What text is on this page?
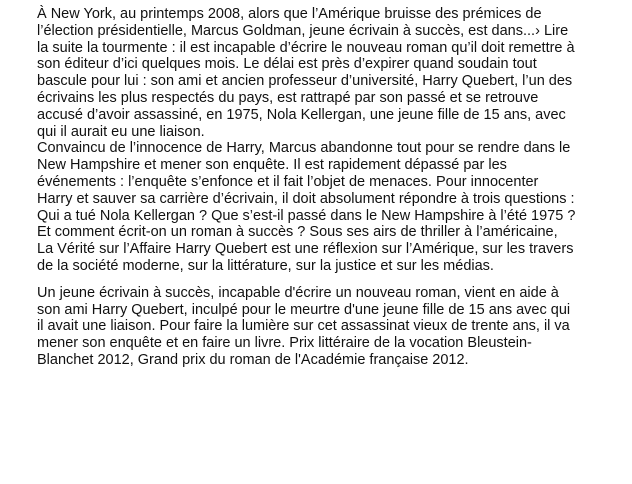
À New York, au printemps 2008, alors que l’Amérique bruisse des prémices de
l’élection présidentielle, Marcus Goldman, jeune écrivain à succès, est dans...› Lire
la suite la tourmente : il est incapable d’écrire le nouveau roman qu’il doit remettre à
son éditeur d’ici quelques mois. Le délai est près d’expirer quand soudain tout
bascule pour lui : son ami et ancien professeur d’université, Harry Quebert, l’un des
écrivains les plus respectés du pays, est rattrapé par son passé et se retrouve
accusé d’avoir assassiné, en 1975, Nola Kellergan, une jeune fille de 15 ans, avec
qui il aurait eu une liaison.
Convaincu de l’innocence de Harry, Marcus abandonne tout pour se rendre dans le
New Hampshire et mener son enquête. Il est rapidement dépassé par les
événements : l’enquête s’enfonce et il fait l’objet de menaces. Pour innocenter
Harry et sauver sa carrière d’écrivain, il doit absolument répondre à trois questions :
Qui a tué Nola Kellergan ? Que s’est-il passé dans le New Hampshire à l’été 1975 ?
Et comment écrit-on un roman à succès ? Sous ses airs de thriller à l’américaine,
La Vérité sur l’Affaire Harry Quebert est une réflexion sur l’Amérique, sur les travers
de la société moderne, sur la littérature, sur la justice et sur les médias.

Un jeune écrivain à succès, incapable d'écrire un nouveau roman, vient en aide à
son ami Harry Quebert, inculpé pour le meurtre d'une jeune fille de 15 ans avec qui
il avait une liaison. Pour faire la lumière sur cet assassinat vieux de trente ans, il va
mener son enquête et en faire un livre. Prix littéraire de la vocation Bleustein-
Blanchet 2012, Grand prix du roman de l'Académie française 2012.
